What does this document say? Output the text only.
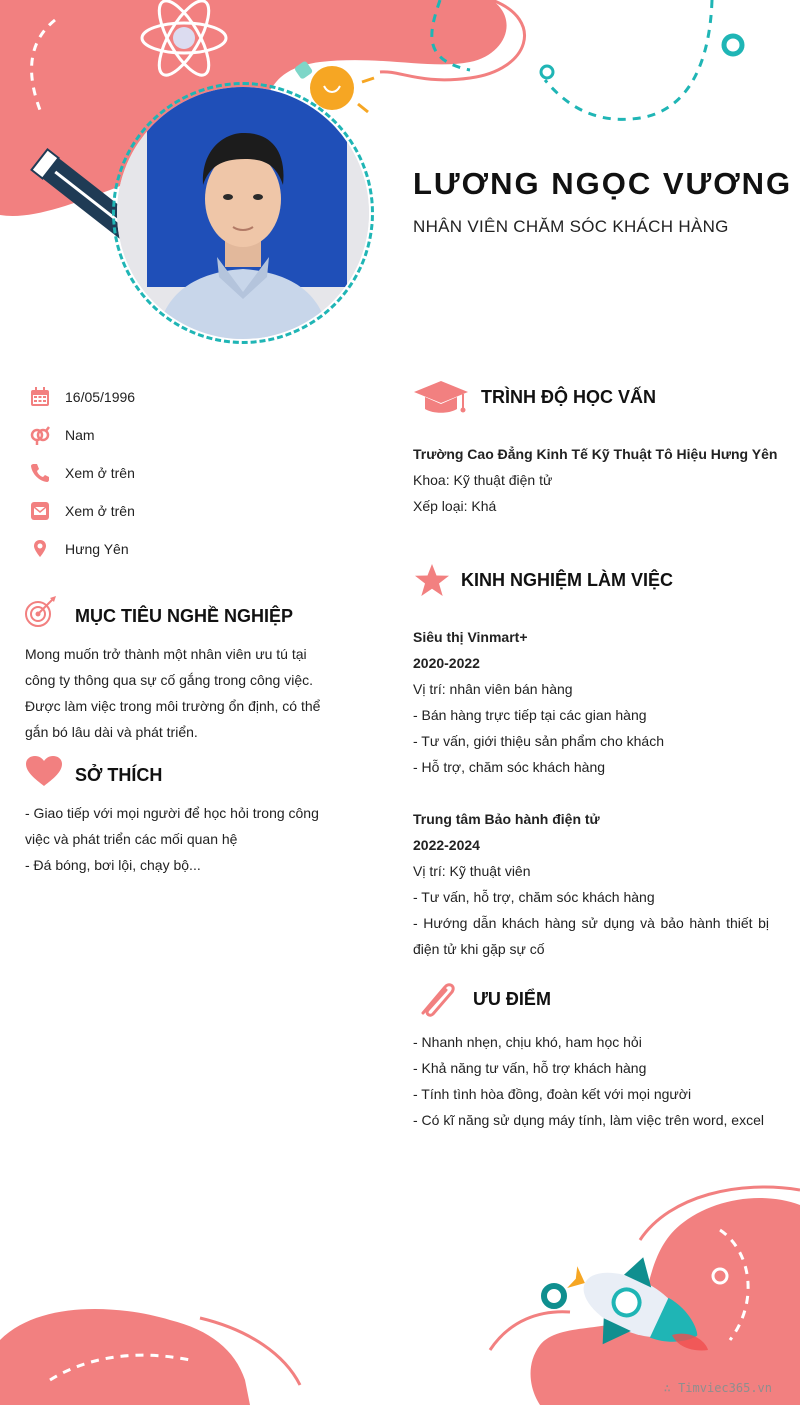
LƯƠNG NGỌC VƯƠNG
NHÂN VIÊN CHĂM SÓC KHÁCH HÀNG
16/05/1996
Nam
Xem ở trên
Xem ở trên
Hưng Yên
MỤC TIÊU NGHỀ NGHIỆP
Mong muốn trở thành một nhân viên ưu tú tại
công ty thông qua sự cố gắng trong công việc.
Được làm việc trong môi trường ổn định, có thể
gắn bó lâu dài và phát triển.
SỞ THÍCH
- Giao tiếp với mọi người để học hỏi trong công
việc và phát triển các mối quan hệ
- Đá bóng, bơi lội, chạy bộ...
TRÌNH ĐỘ HỌC VẤN
Trường Cao Đẳng Kinh Tế Kỹ Thuật Tô Hiệu Hưng Yên
Khoa: Kỹ thuật điện tử
Xếp loại: Khá
KINH NGHIỆM LÀM VIỆC
Siêu thị Vinmart+
2020-2022
Vị trí: nhân viên bán hàng
- Bán hàng trực tiếp tại các gian hàng
- Tư vấn, giới thiệu sản phẩm cho khách
- Hỗ trợ, chăm sóc khách hàng
Trung tâm Bảo hành điện tử
2022-2024
Vị trí: Kỹ thuật viên
- Tư vấn, hỗ trợ, chăm sóc khách hàng
- Hướng dẫn khách hàng sử dụng và bảo hành thiết bị điện tử khi gặp sự cố
ƯU ĐIỂM
- Nhanh nhẹn, chịu khó, ham học hỏi
- Khả năng tư vấn, hỗ trợ khách hàng
- Tính tình hòa đồng, đoàn kết với mọi người
- Có kĩ năng sử dụng máy tính, làm việc trên word, excel
∴ Timviec365.vn
